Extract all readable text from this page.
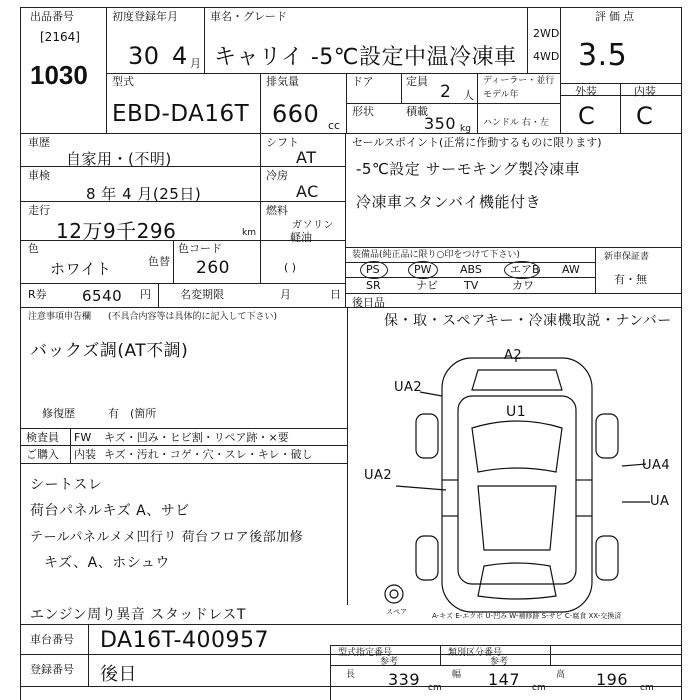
出品番号
[2164]
1030
初度登録年月
30 4 月
車名・グレード
キャリイ -5℃設定中温冷凍車
2WD
4WD
評価点
3.5
型式
EBD-DA16T
排気量
660 cc
ドア	定員
2 人
ディーラー・並行
モデル年
形状	積載
350 kg
ハンドル 右・左
外装	内装
C C
車歴
自家用・(不明)
シフト
AT
車検
8 年 4 月(25日)
冷房
AC
走行
12万9千296	km
燃料
ガソリン
軽油
( )
色
ホワイト	色替
色コード
260
R券 6540 円	名変期限	月	日
セールスポイント(正常に作動するものに限ります)
-5℃設定 サーモキング製冷凍車
冷凍車スタンバイ機能付き
装備品(純正品に限り○印をつけて下さい)
PS	PW	ABS	エアB AW
SR	ナビ TV	カワ
新車保証書
有・無
後日品
保・取・スペアキー・冷凍機取説・ナンバー
注意事項申告欄 (不具合内容等は具体的に記入して下さい)
バックズ調(AT不調)
修復歴	有 (箇所
検査員
ご購入
FW キズ・凹み・ヒビ割・リペア跡・×要
内装 キズ・汚れ・コゲ・穴・スレ・キレ・破し
シートスレ
荷台パネルキズ A、サビ
テールパネルメメ凹行リ 荷台フロア後部加修
キズ、A、ホシュウ
エンジン周り異音 スタッドレスT
A2
U1
UA2
UA2
UA4
UA
スペア	A-キズ E-エクボ U-凹み W-補修跡 S-サビ C-腐食 XX-交換済
車台番号 DA16T-400957
登録番号 後日
型式指定番号
参考
類別区分番号
参考
長 339 cm
幅 147 cm
高 196 cm
